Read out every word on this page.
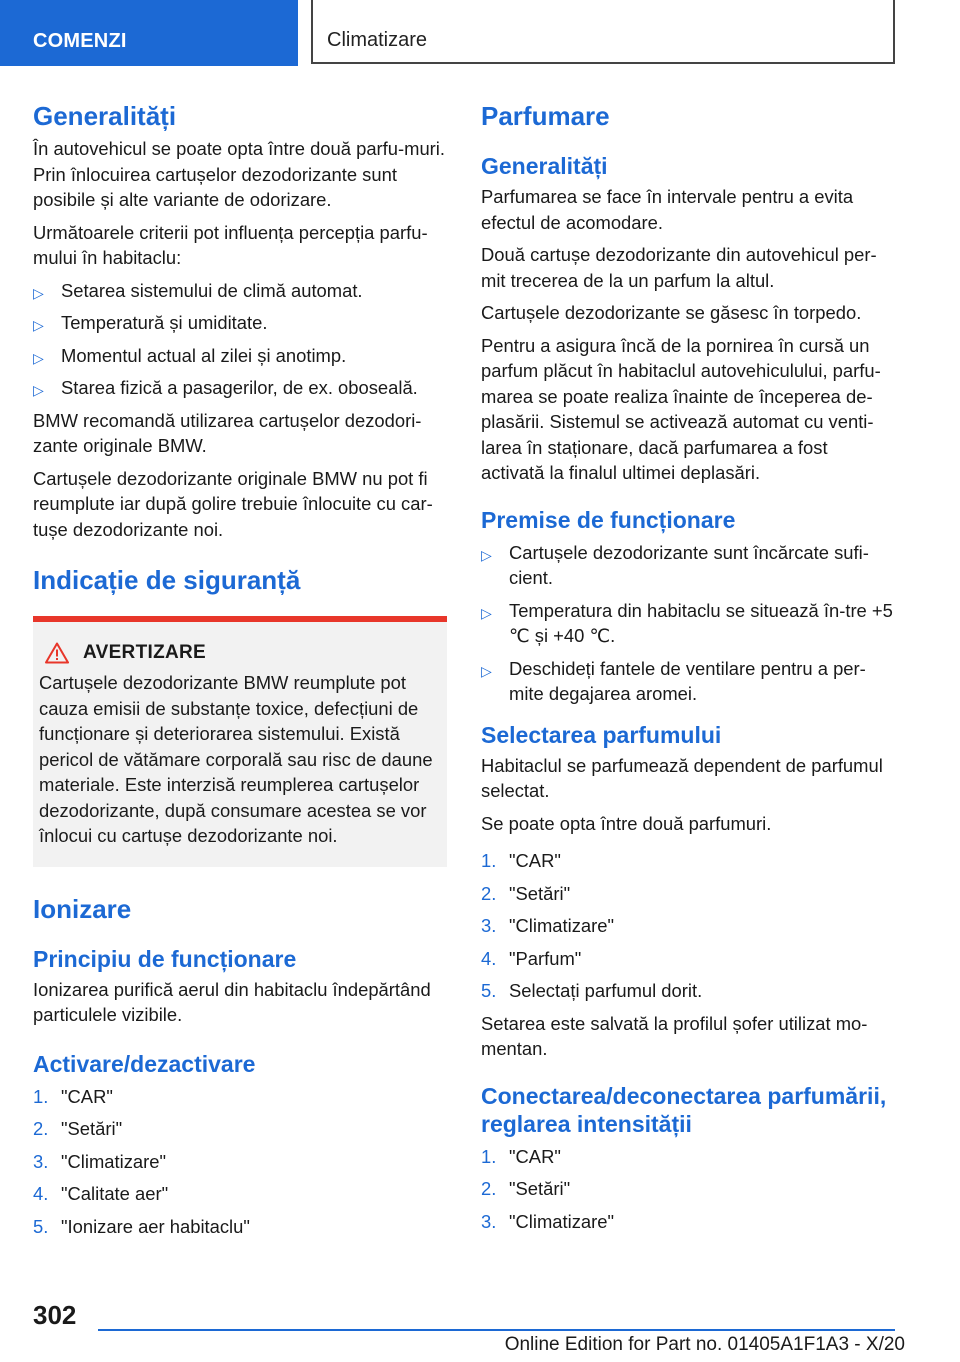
COMENZI	Climatizare
Generalități

În autovehicul se poate opta între două parfu-muri. Prin înlocuirea cartușelor dezodorizante sunt posibile și alte variante de odorizare.

Următoarele criterii pot influența percepția parfu-mului în habitaclu:

▷ Setarea sistemului de climă automat.
▷ Temperatură și umiditate.
▷ Momentul actual al zilei și anotimp.
▷ Starea fizică a pasagerilor, de ex. oboseală.

BMW recomandă utilizarea cartușelor dezodori-zante originale BMW.

Cartușele dezodorizante originale BMW nu pot fi reumplute iar după golire trebuie înlocuite cu car-tușe dezodorizante noi.

Indicație de siguranță
AVERTIZARE
Cartușele dezodorizante BMW reumplute pot cauza emisii de substanțe toxice, defecțiuni de funcționare și deteriorarea sistemului. Există pericol de vătămare corporală sau risc de daune materiale. Este interzisă reumplerea cartușelor dezodorizante, după consumare acestea se vor înlocui cu cartușe dezodorizante noi.
Ionizare
Principiu de funcționare

Ionizarea purifică aerul din habitaclu îndepărtând particulele vizibile.

Activare/dezactivare
1. "CAR"
2. "Setări"
3. "Climatizare"
4. "Calitate aer"
5. "Ionizare aer habitaclu"
Parfumare
Generalități

Parfumarea se face în intervale pentru a evita efectul de acomodare.

Două cartușe dezodorizante din autovehicul per-mit trecerea de la un parfum la altul.

Cartușele dezodorizante se găsesc în torpedo.

Pentru a asigura încă de la pornirea în cursă un parfum plăcut în habitaclul autovehiculului, parfu-marea se poate realiza înainte de începerea de-plasării. Sistemul se activează automat cu venti-larea în staționare, dacă parfumarea a fost activată la finalul ultimei deplasări.

Premise de funcționare
▷ Cartușele dezodorizante sunt încărcate sufi-cient.
▷ Temperatura din habitaclu se situează în-tre +5 ℃ și +40 ℃.
▷ Deschideți fantele de ventilare pentru a per-mite degajarea aromei.
Selectarea parfumului

Habitaclul se parfumează dependent de parfumul selectat.

Se poate opta între două parfumuri.

1. "CAR"
2. "Setări"
3. "Climatizare"
4. "Parfum"
5. Selectați parfumul dorit.

Setarea este salvată la profilul șofer utilizat mo-mentan.

Conectarea/deconectarea parfumării, reglarea intensității
1. "CAR"
2. "Setări"
3. "Climatizare"
302
Online Edition for Part no. 01405A1F1A3 - X/20
